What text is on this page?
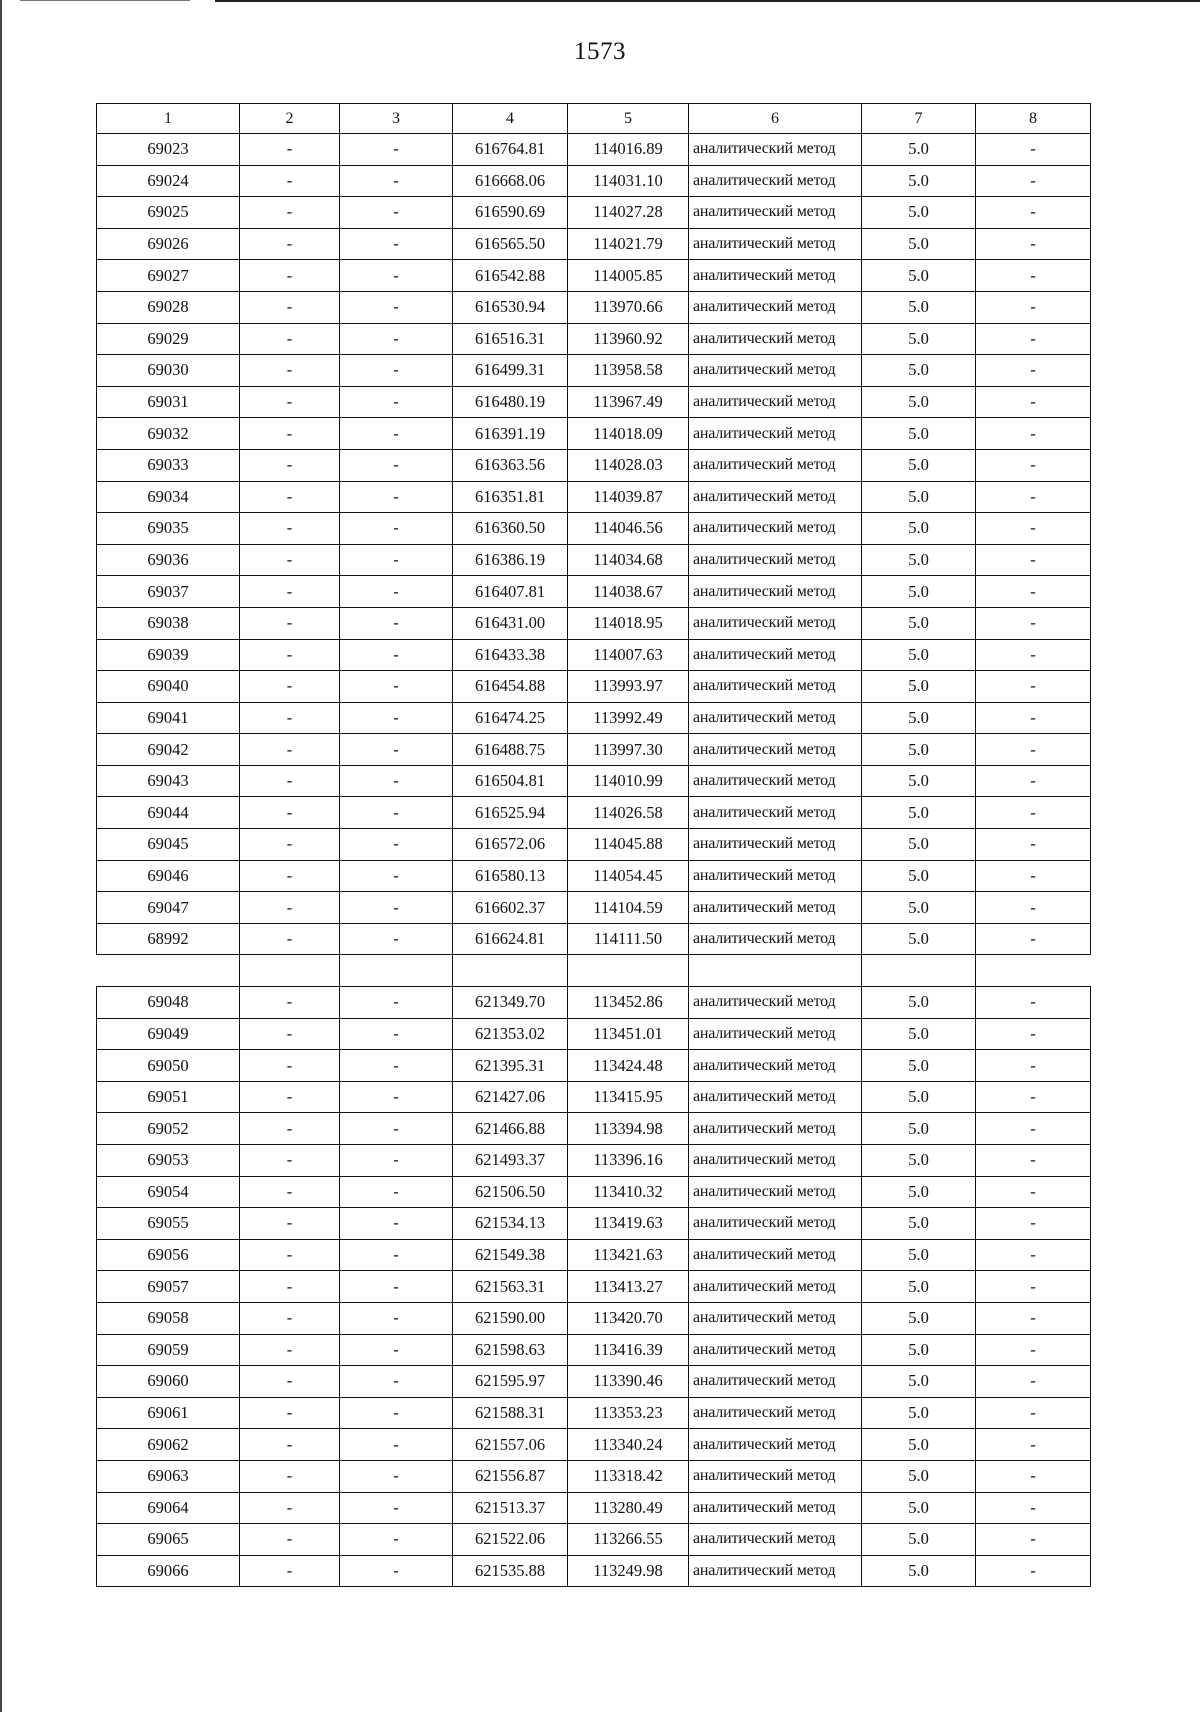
1573
1	2	3	4	5	6	7	8
69023	-	-	616764.81	114016.89	аналитический метод	5.0	-
69024	-	-	616668.06	114031.10	аналитический метод	5.0	-
69025	-	-	616590.69	114027.28	аналитический метод	5.0	-
69026	-	-	616565.50	114021.79	аналитический метод	5.0	-
69027	-	-	616542.88	114005.85	аналитический метод	5.0	-
69028	-	-	616530.94	113970.66	аналитический метод	5.0	-
69029	-	-	616516.31	113960.92	аналитический метод	5.0	-
69030	-	-	616499.31	113958.58	аналитический метод	5.0	-
69031	-	-	616480.19	113967.49	аналитический метод	5.0	-
69032	-	-	616391.19	114018.09	аналитический метод	5.0	-
69033	-	-	616363.56	114028.03	аналитический метод	5.0	-
69034	-	-	616351.81	114039.87	аналитический метод	5.0	-
69035	-	-	616360.50	114046.56	аналитический метод	5.0	-
69036	-	-	616386.19	114034.68	аналитический метод	5.0	-
69037	-	-	616407.81	114038.67	аналитический метод	5.0	-
69038	-	-	616431.00	114018.95	аналитический метод	5.0	-
69039	-	-	616433.38	114007.63	аналитический метод	5.0	-
69040	-	-	616454.88	113993.97	аналитический метод	5.0	-
69041	-	-	616474.25	113992.49	аналитический метод	5.0	-
69042	-	-	616488.75	113997.30	аналитический метод	5.0	-
69043	-	-	616504.81	114010.99	аналитический метод	5.0	-
69044	-	-	616525.94	114026.58	аналитический метод	5.0	-
69045	-	-	616572.06	114045.88	аналитический метод	5.0	-
69046	-	-	616580.13	114054.45	аналитический метод	5.0	-
69047	-	-	616602.37	114104.59	аналитический метод	5.0	-
68992	-	-	616624.81	114111.50	аналитический метод	5.0	-

69048	-	-	621349.70	113452.86	аналитический метод	5.0	-
69049	-	-	621353.02	113451.01	аналитический метод	5.0	-
69050	-	-	621395.31	113424.48	аналитический метод	5.0	-
69051	-	-	621427.06	113415.95	аналитический метод	5.0	-
69052	-	-	621466.88	113394.98	аналитический метод	5.0	-
69053	-	-	621493.37	113396.16	аналитический метод	5.0	-
69054	-	-	621506.50	113410.32	аналитический метод	5.0	-
69055	-	-	621534.13	113419.63	аналитический метод	5.0	-
69056	-	-	621549.38	113421.63	аналитический метод	5.0	-
69057	-	-	621563.31	113413.27	аналитический метод	5.0	-
69058	-	-	621590.00	113420.70	аналитический метод	5.0	-
69059	-	-	621598.63	113416.39	аналитический метод	5.0	-
69060	-	-	621595.97	113390.46	аналитический метод	5.0	-
69061	-	-	621588.31	113353.23	аналитический метод	5.0	-
69062	-	-	621557.06	113340.24	аналитический метод	5.0	-
69063	-	-	621556.87	113318.42	аналитический метод	5.0	-
69064	-	-	621513.37	113280.49	аналитический метод	5.0	-
69065	-	-	621522.06	113266.55	аналитический метод	5.0	-
69066	-	-	621535.88	113249.98	аналитический метод	5.0	-
